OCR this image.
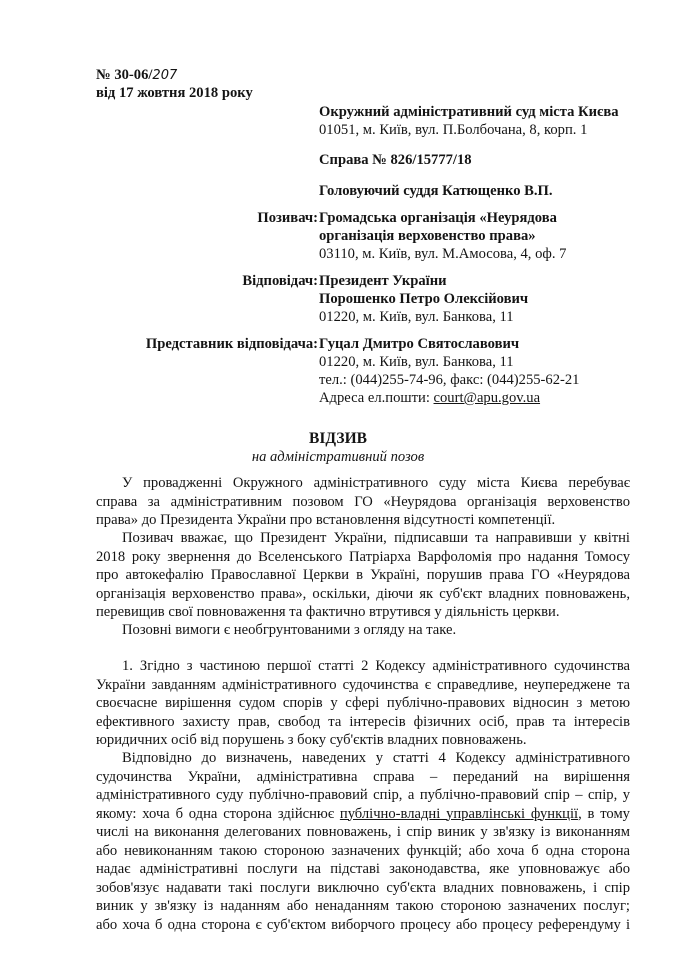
№ 30-06/207
від 17 жовтня 2018 року
Окружний адміністративний суд міста Києва
01051, м. Київ, вул. П.Болбочана, 8, корп. 1
Справа № 826/15777/18
Головуючий суддя Катющенко В.П.
Позивач: Громадська організація «Неурядова
організація верховенство права»
03110, м. Київ, вул. М.Амосова, 4, оф. 7
Відповідач: Президент України
Порошенко Петро Олексійович
01220, м. Київ, вул. Банкова, 11
Представник відповідача: Гуцал Дмитро Святославович
01220, м. Київ, вул. Банкова, 11
тел.: (044)255-74-96, факс: (044)255-62-21
Адреса ел.пошти: court@apu.gov.ua
ВІДЗИВ
на адміністративний позов
У провадженні Окружного адміністративного суду міста Києва перебуває
справа за адміністративним позовом ГО «Неурядова організація верховенство
права» до Президента України про встановлення відсутності компетенції.
Позивач вважає, що Президент України, підписавши та направивши у квітні
2018 року звернення до Вселенського Патріарха Варфоломія про надання Томосу
про автокефалію Православної Церкви в Україні, порушив права ГО «Неурядова
організація верховенство права», оскільки, діючи як суб'єкт владних повноважень,
перевищив свої повноваження та фактично втрутився у діяльність церкви.
Позовні вимоги є необгрунтованими з огляду на таке.
1. Згідно з частиною першої статті 2 Кодексу адміністративного судочинства
України завданням адміністративного судочинства є справедливе, неупереджене та
своєчасне вирішення судом спорів у сфері публічно-правових відносин з метою
ефективного захисту прав, свобод та інтересів фізичних осіб, прав та інтересів
юридичних осіб від порушень з боку суб'єктів владних повноважень.
Відповідно до визначень, наведених у статті 4 Кодексу адміністративного
судочинства України, адміністративна справа – переданий на вирішення
адміністративного суду публічно-правовий спір, а публічно-правовий спір – спір, у
якому: хоча б одна сторона здійснює публічно-владні управлінські функції, в тому
числі на виконання делегованих повноважень, і спір виник у зв'язку із виконанням
або невиконанням такою стороною зазначених функцій; або хоча б одна сторона
надає адміністративні послуги на підставі законодавства, яке уповноважує або
зобов'язує надавати такі послуги виключно суб'єкта владних повноважень, і спір
виник у зв'язку із наданням або ненаданням такою стороною зазначених послуг;
або хоча б одна сторона є суб'єктом виборчого процесу або процесу референдуму і
